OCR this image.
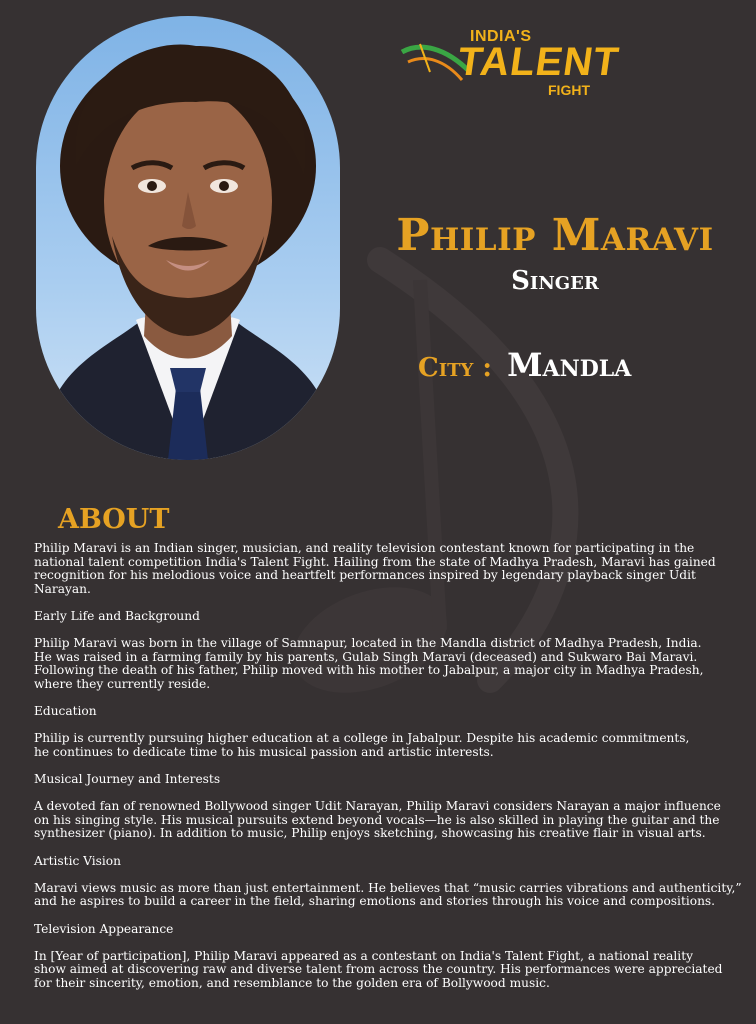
INDIA'S
TALENT
FIGHT
Philip Maravi
Singer
City : Mandla
ABOUT

Philip Maravi is an Indian singer, musician, and reality television contestant known for participating in the
national talent competition India's Talent Fight. Hailing from the state of Madhya Pradesh, Maravi has gained
recognition for his melodious voice and heartfelt performances inspired by legendary playback singer Udit Narayan.

Early Life and Background

Philip Maravi was born in the village of Samnapur, located in the Mandla district of Madhya Pradesh, India.
He was raised in a farming family by his parents, Gulab Singh Maravi (deceased) and Sukwaro Bai Maravi.
Following the death of his father, Philip moved with his mother to Jabalpur, a major city in Madhya Pradesh,
where they currently reside.

Education

Philip is currently pursuing higher education at a college in Jabalpur. Despite his academic commitments,
he continues to dedicate time to his musical passion and artistic interests.

Musical Journey and Interests

A devoted fan of renowned Bollywood singer Udit Narayan, Philip Maravi considers Narayan a major influence
on his singing style. His musical pursuits extend beyond vocals—he is also skilled in playing the guitar and the
synthesizer (piano). In addition to music, Philip enjoys sketching, showcasing his creative flair in visual arts.

Artistic Vision

Maravi views music as more than just entertainment. He believes that “music carries vibrations and authenticity,”
and he aspires to build a career in the field, sharing emotions and stories through his voice and compositions.

Television Appearance

In [Year of participation], Philip Maravi appeared as a contestant on India's Talent Fight, a national reality
show aimed at discovering raw and diverse talent from across the country. His performances were appreciated
for their sincerity, emotion, and resemblance to the golden era of Bollywood music.
